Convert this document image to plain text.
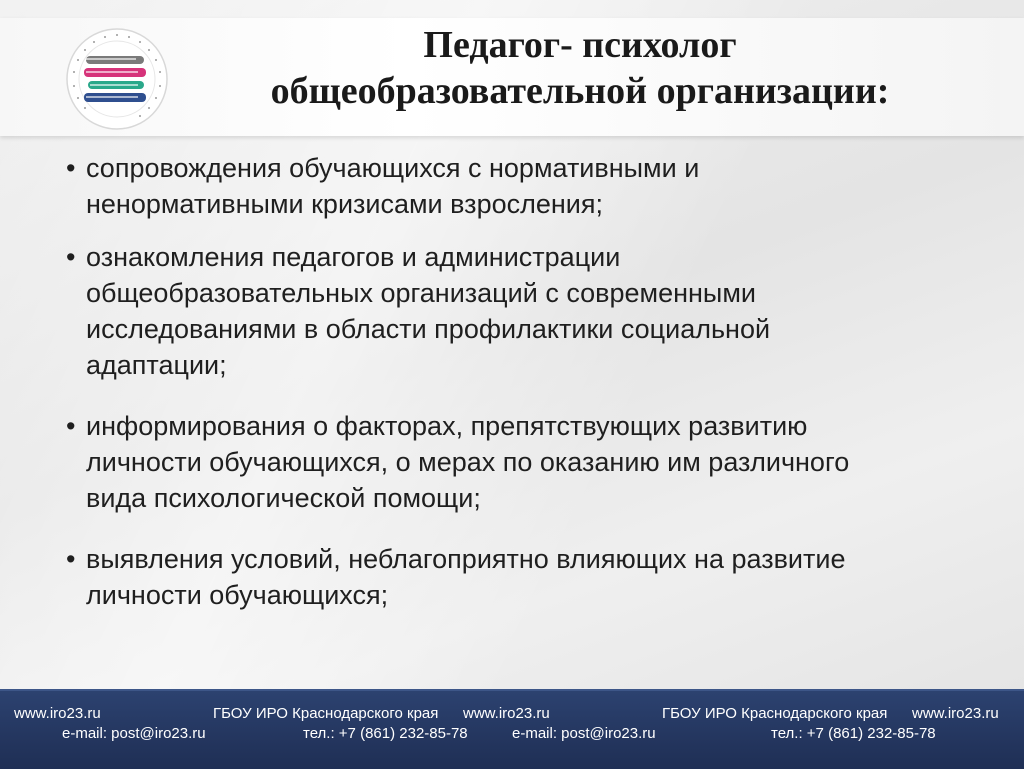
Педагог- психолог
общеобразовательной организации:
• сопровождения обучающихся с нормативными и
ненормативными кризисами взросления;
• ознакомления педагогов и администрации
общеобразовательных организаций с современными
исследованиями в области профилактики социальной
адаптации;
• информирования о факторах, препятствующих развитию
личности обучающихся, о мерах по оказанию им различного
вида психологической помощи;
• выявления условий, неблагоприятно влияющих на развитие
личности обучающихся;
www.iro23.ru
e-mail: post@iro23.ru
ГБОУ ИРО Краснодарского края
тел.: +7 (861) 232-85-78
www.iro23.ru
e-mail: post@iro23.ru
ГБОУ ИРО Краснодарского края
тел.: +7 (861) 232-85-78
www.iro23.ru
